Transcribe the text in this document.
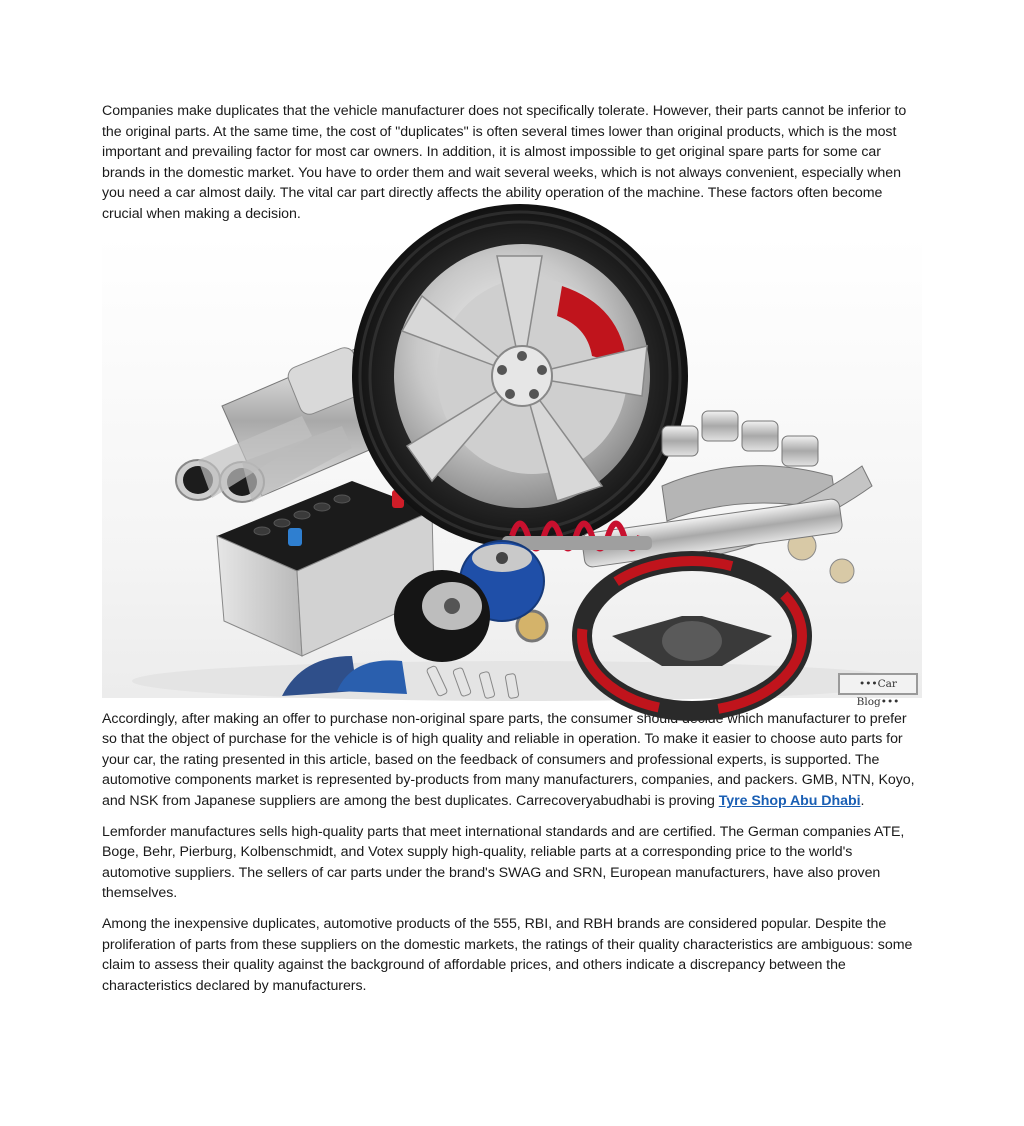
Companies make duplicates that the vehicle manufacturer does not specifically tolerate. However, their parts cannot be inferior to the original parts. At the same time, the cost of "duplicates" is often several times lower than original products, which is the most important and prevailing factor for most car owners. In addition, it is almost impossible to get original spare parts for some car brands in the domestic market. You have to order them and wait several weeks, which is not always convenient, especially when you need a car almost daily. The vital car part directly affects the ability operation of the machine. These factors often become crucial when making a decision.

•••Car Blog•••

Accordingly, after making an offer to purchase non-original spare parts, the consumer should decide which manufacturer to prefer so that the object of purchase for the vehicle is of high quality and reliable in operation. To make it easier to choose auto parts for your car, the rating presented in this article, based on the feedback of consumers and professional experts, is supported. The automotive components market is represented by-products from many manufacturers, companies, and packers. GMB, NTN, Koyo, and NSK from Japanese suppliers are among the best duplicates. Carrecoveryabudhabi is proving Tyre Shop Abu Dhabi.

Lemforder manufactures sells high-quality parts that meet international standards and are certified. The German companies ATE, Boge, Behr, Pierburg, Kolbenschmidt, and Votex supply high-quality, reliable parts at a corresponding price to the world's automotive suppliers. The sellers of car parts under the brand's SWAG and SRN, European manufacturers, have also proven themselves.

Among the inexpensive duplicates, automotive products of the 555, RBI, and RBH brands are considered popular. Despite the proliferation of parts from these suppliers on the domestic markets, the ratings of their quality characteristics are ambiguous: some claim to assess their quality against the background of affordable prices, and others indicate a discrepancy between the characteristics declared by manufacturers.
